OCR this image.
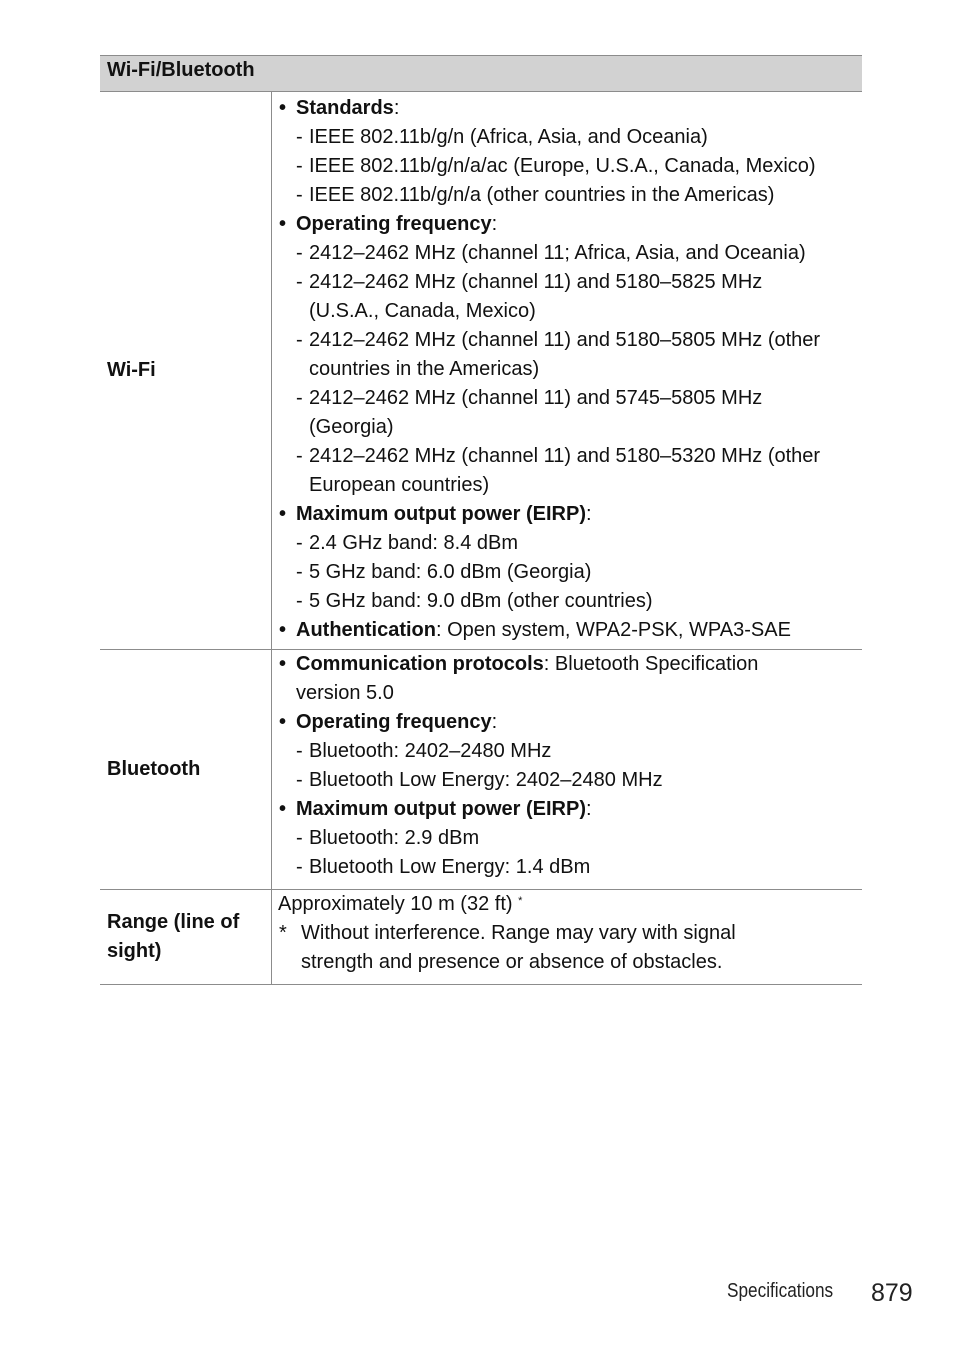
Wi-Fi/Bluetooth
Wi-Fi
• Standards:
- IEEE 802.11b/g/n (Africa, Asia, and Oceania)
- IEEE 802.11b/g/n/a/ac (Europe, U.S.A., Canada, Mexico)
- IEEE 802.11b/g/n/a (other countries in the Americas)
• Operating frequency:
- 2412–2462 MHz (channel 11; Africa, Asia, and Oceania)
- 2412–2462 MHz (channel 11) and 5180–5825 MHz (U.S.A., Canada, Mexico)
- 2412–2462 MHz (channel 11) and 5180–5805 MHz (other countries in the Americas)
- 2412–2462 MHz (channel 11) and 5745–5805 MHz (Georgia)
- 2412–2462 MHz (channel 11) and 5180–5320 MHz (other European countries)
• Maximum output power (EIRP):
- 2.4 GHz band: 8.4 dBm
- 5 GHz band: 6.0 dBm (Georgia)
- 5 GHz band: 9.0 dBm (other countries)
• Authentication: Open system, WPA2-PSK, WPA3-SAE
Bluetooth
• Communication protocols: Bluetooth Specification version 5.0
• Operating frequency:
- Bluetooth: 2402–2480 MHz
- Bluetooth Low Energy: 2402–2480 MHz
• Maximum output power (EIRP):
- Bluetooth: 2.9 dBm
- Bluetooth Low Energy: 1.4 dBm
Range (line of sight)
Approximately 10 m (32 ft) *
* Without interference. Range may vary with signal strength and presence or absence of obstacles.
Specifications 879
